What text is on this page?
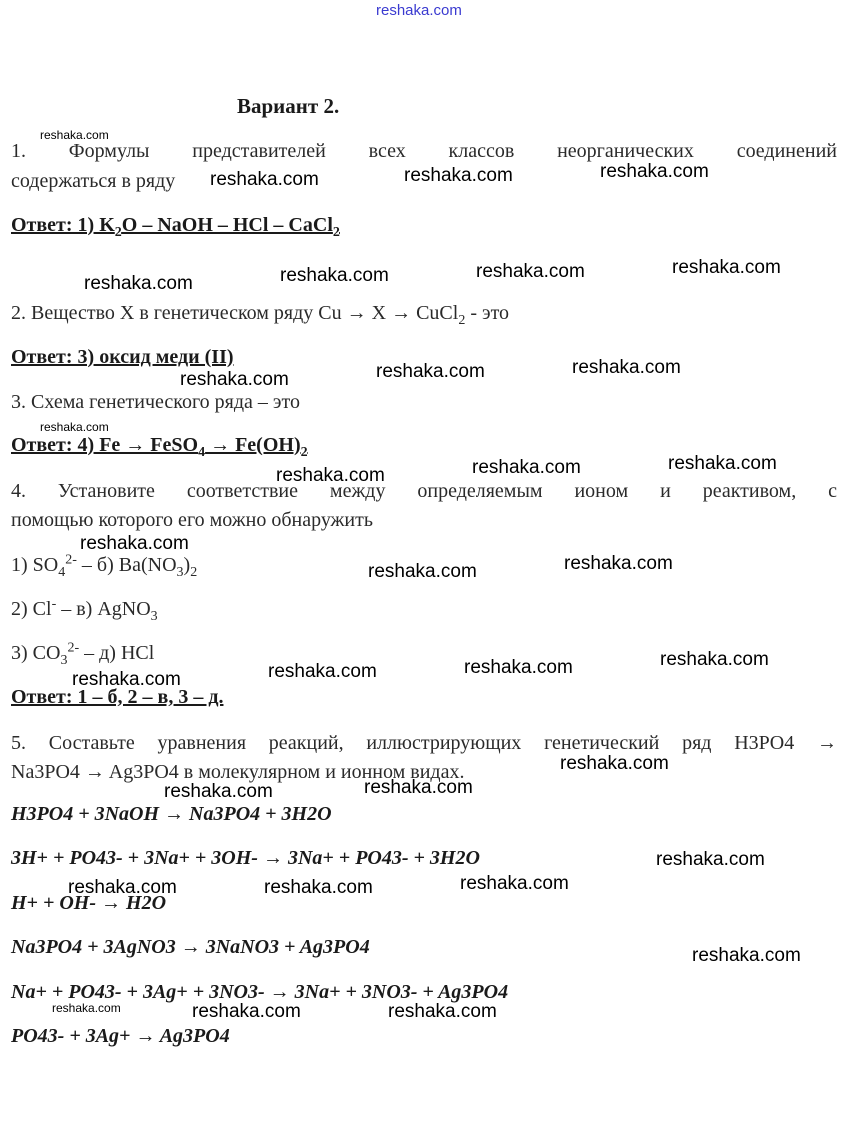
reshaka.com
Вариант 2.
reshaka.com
1. Формулы представителей всех классов неорганических соединений
содержаться в ряду reshaka.com	reshaka.com	reshaka.com
Ответ: 1) $K_2O$ – NaOH – HCl – CaCl$_2$
reshaka.com	reshaka.com	reshaka.com	reshaka.com
2. Вещество X в генетическом ряду Cu → X → CuCl$_2$ - это
Ответ: 3) оксид меди (II)
reshaka.com	reshaka.com	reshaka.com
3. Схема генетического ряда – это
reshaka.com
Ответ: 4) Fe → FeSO$_4$ → $Fe(OH)_2$
reshaka.com	reshaka.com	reshaka.com
4. Установите соответствие между определяемым ионом и реактивом, с
помощью которого его можно обнаружить
reshaka.com
1) $SO_4^{2-} - б$) $Ba(NO_3)_2$	reshaka.com	reshaka.com
2) Cl- – в) AgNO$_3$
3) $CO_3^{2-} - д$) HCl
reshaka.com	reshaka.com	reshaka.com	reshaka.com
Ответ: 1 – б, 2 – в, 3 – д.
5. Составьте уравнения реакций, иллюстрирующих генетический ряд H3PO4 →
Na3PO4 → Ag3PO4 в молекулярном и ионном видах.	reshaka.com
reshaka.com	reshaka.com
H3PO4 + 3NaOH → Na3PO4 + 3H2O
3H+ + PO43- + 3Na+ + 3OH- → 3Na+ + PO43- + 3H2O	reshaka.com
reshaka.com	reshaka.com	reshaka.com
H+ + OH- → H2O
Na3PO4 + 3AgNO3 → 3NaNO3 + Ag3PO4	reshaka.com
Na+ + PO43- + 3Ag+ + 3NO3- → 3Na+ + 3NO3- + Ag3PO4
reshaka.com	reshaka.com	reshaka.com
PO43- + 3Ag+ → Ag3PO4
